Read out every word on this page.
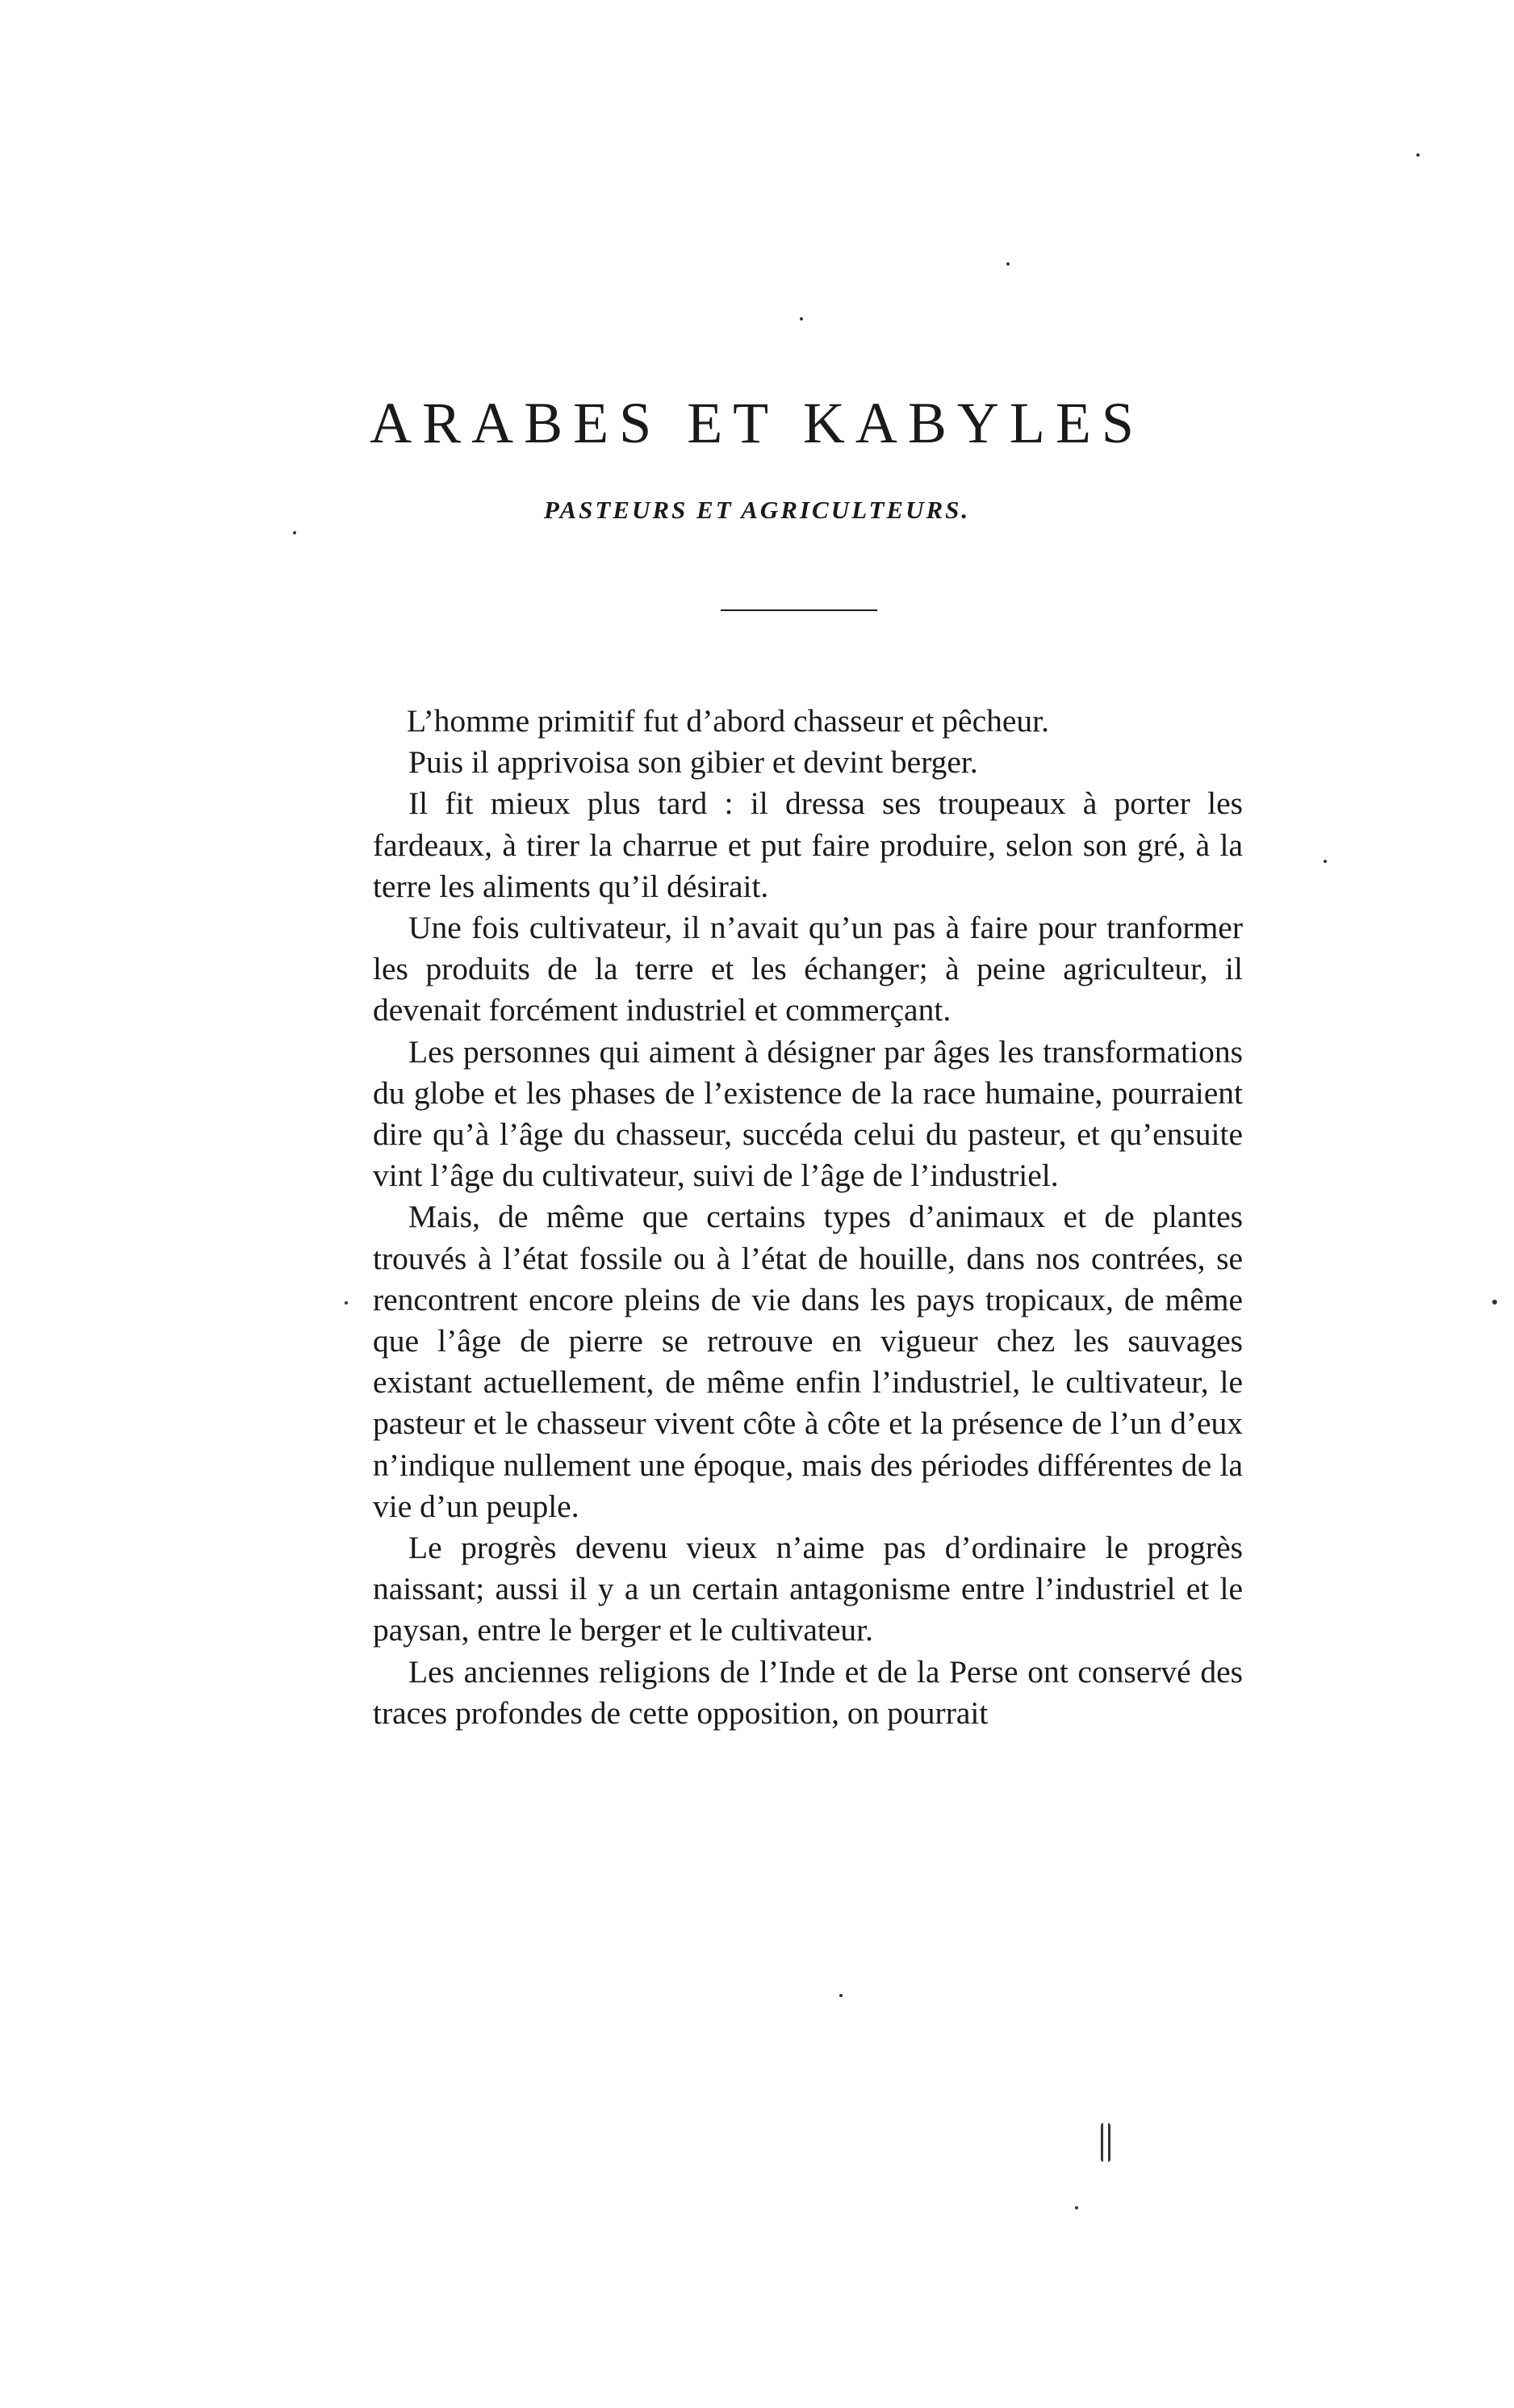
ARABES ET KABYLES
PASTEURS ET AGRICULTEURS.

L’homme primitif fut d’abord chasseur et pêcheur.

Puis il apprivoisa son gibier et devint berger.

Il fit mieux plus tard : il dressa ses troupeaux à porter les fardeaux, à tirer la charrue et put faire produire, selon son gré, à la terre les aliments qu’il désirait.

Une fois cultivateur, il n’avait qu’un pas à faire pour tranformer les produits de la terre et les échanger; à peine agriculteur, il devenait forcément industriel et commerçant.

Les personnes qui aiment à désigner par âges les transformations du globe et les phases de l’existence de la race humaine, pourraient dire qu’à l’âge du chasseur, succéda celui du pasteur, et qu’ensuite vint l’âge du cultivateur, suivi de l’âge de l’industriel.

Mais, de même que certains types d’animaux et de plantes trouvés à l’état fossile ou à l’état de houille, dans nos contrées, se rencontrent encore pleins de vie dans les pays tropicaux, de même que l’âge de pierre se retrouve en vigueur chez les sauvages existant actuellement, de même enfin l’industriel, le cultivateur, le pasteur et le chasseur vivent côte à côte et la présence de l’un d’eux n’indique nullement une époque, mais des périodes différentes de la vie d’un peuple.

Le progrès devenu vieux n’aime pas d’ordinaire le progrès naissant; aussi il y a un certain antagonisme entre l’industriel et le paysan, entre le berger et le cultivateur.

Les anciennes religions de l’Inde et de la Perse ont conservé des traces profondes de cette opposition, on pourrait
